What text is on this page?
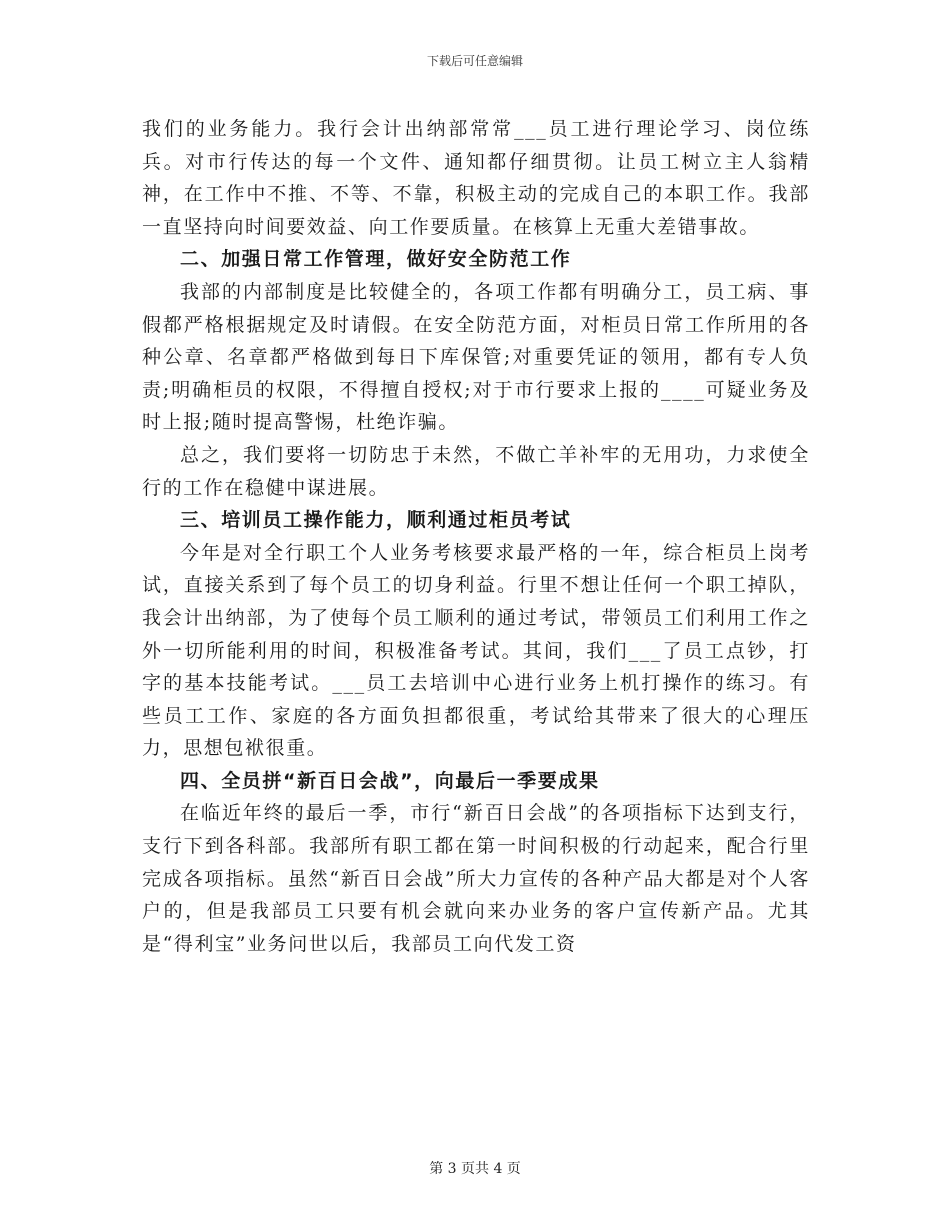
下载后可任意编辑

我们的业务能力。我行会计出纳部常常___员工进行理论学习、岗位练兵。对市行传达的每一个文件、通知都仔细贯彻。让员工树立主人翁精神，在工作中不推、不等、不靠，积极主动的完成自己的本职工作。我部一直坚持向时间要效益、向工作要质量。在核算上无重大差错事故。

二、加强日常工作管理，做好安全防范工作

我部的内部制度是比较健全的，各项工作都有明确分工，员工病、事假都严格根据规定及时请假。在安全防范方面，对柜员日常工作所用的各种公章、名章都严格做到每日下库保管;对重要凭证的领用，都有专人负责;明确柜员的权限，不得擅自授权;对于市行要求上报的____可疑业务及时上报;随时提高警惕，杜绝诈骗。

总之，我们要将一切防忠于未然，不做亡羊补牢的无用功，力求使全行的工作在稳健中谋进展。

三、培训员工操作能力，顺利通过柜员考试

今年是对全行职工个人业务考核要求最严格的一年，综合柜员上岗考试，直接关系到了每个员工的切身利益。行里不想让任何一个职工掉队，我会计出纳部，为了使每个员工顺利的通过考试，带领员工们利用工作之外一切所能利用的时间，积极准备考试。其间，我们___了员工点钞，打字的基本技能考试。___员工去培训中心进行业务上机打操作的练习。有些员工工作、家庭的各方面负担都很重，考试给其带来了很大的心理压力，思想包袱很重。

四、全员拼“新百日会战”，向最后一季要成果

在临近年终的最后一季，市行“新百日会战”的各项指标下达到支行，支行下到各科部。我部所有职工都在第一时间积极的行动起来，配合行里完成各项指标。虽然“新百日会战”所大力宣传的各种产品大都是对个人客户的，但是我部员工只要有机会就向来办业务的客户宣传新产品。尤其是“得利宝”业务问世以后，我部员工向代发工资

第 3 页共 4 页
